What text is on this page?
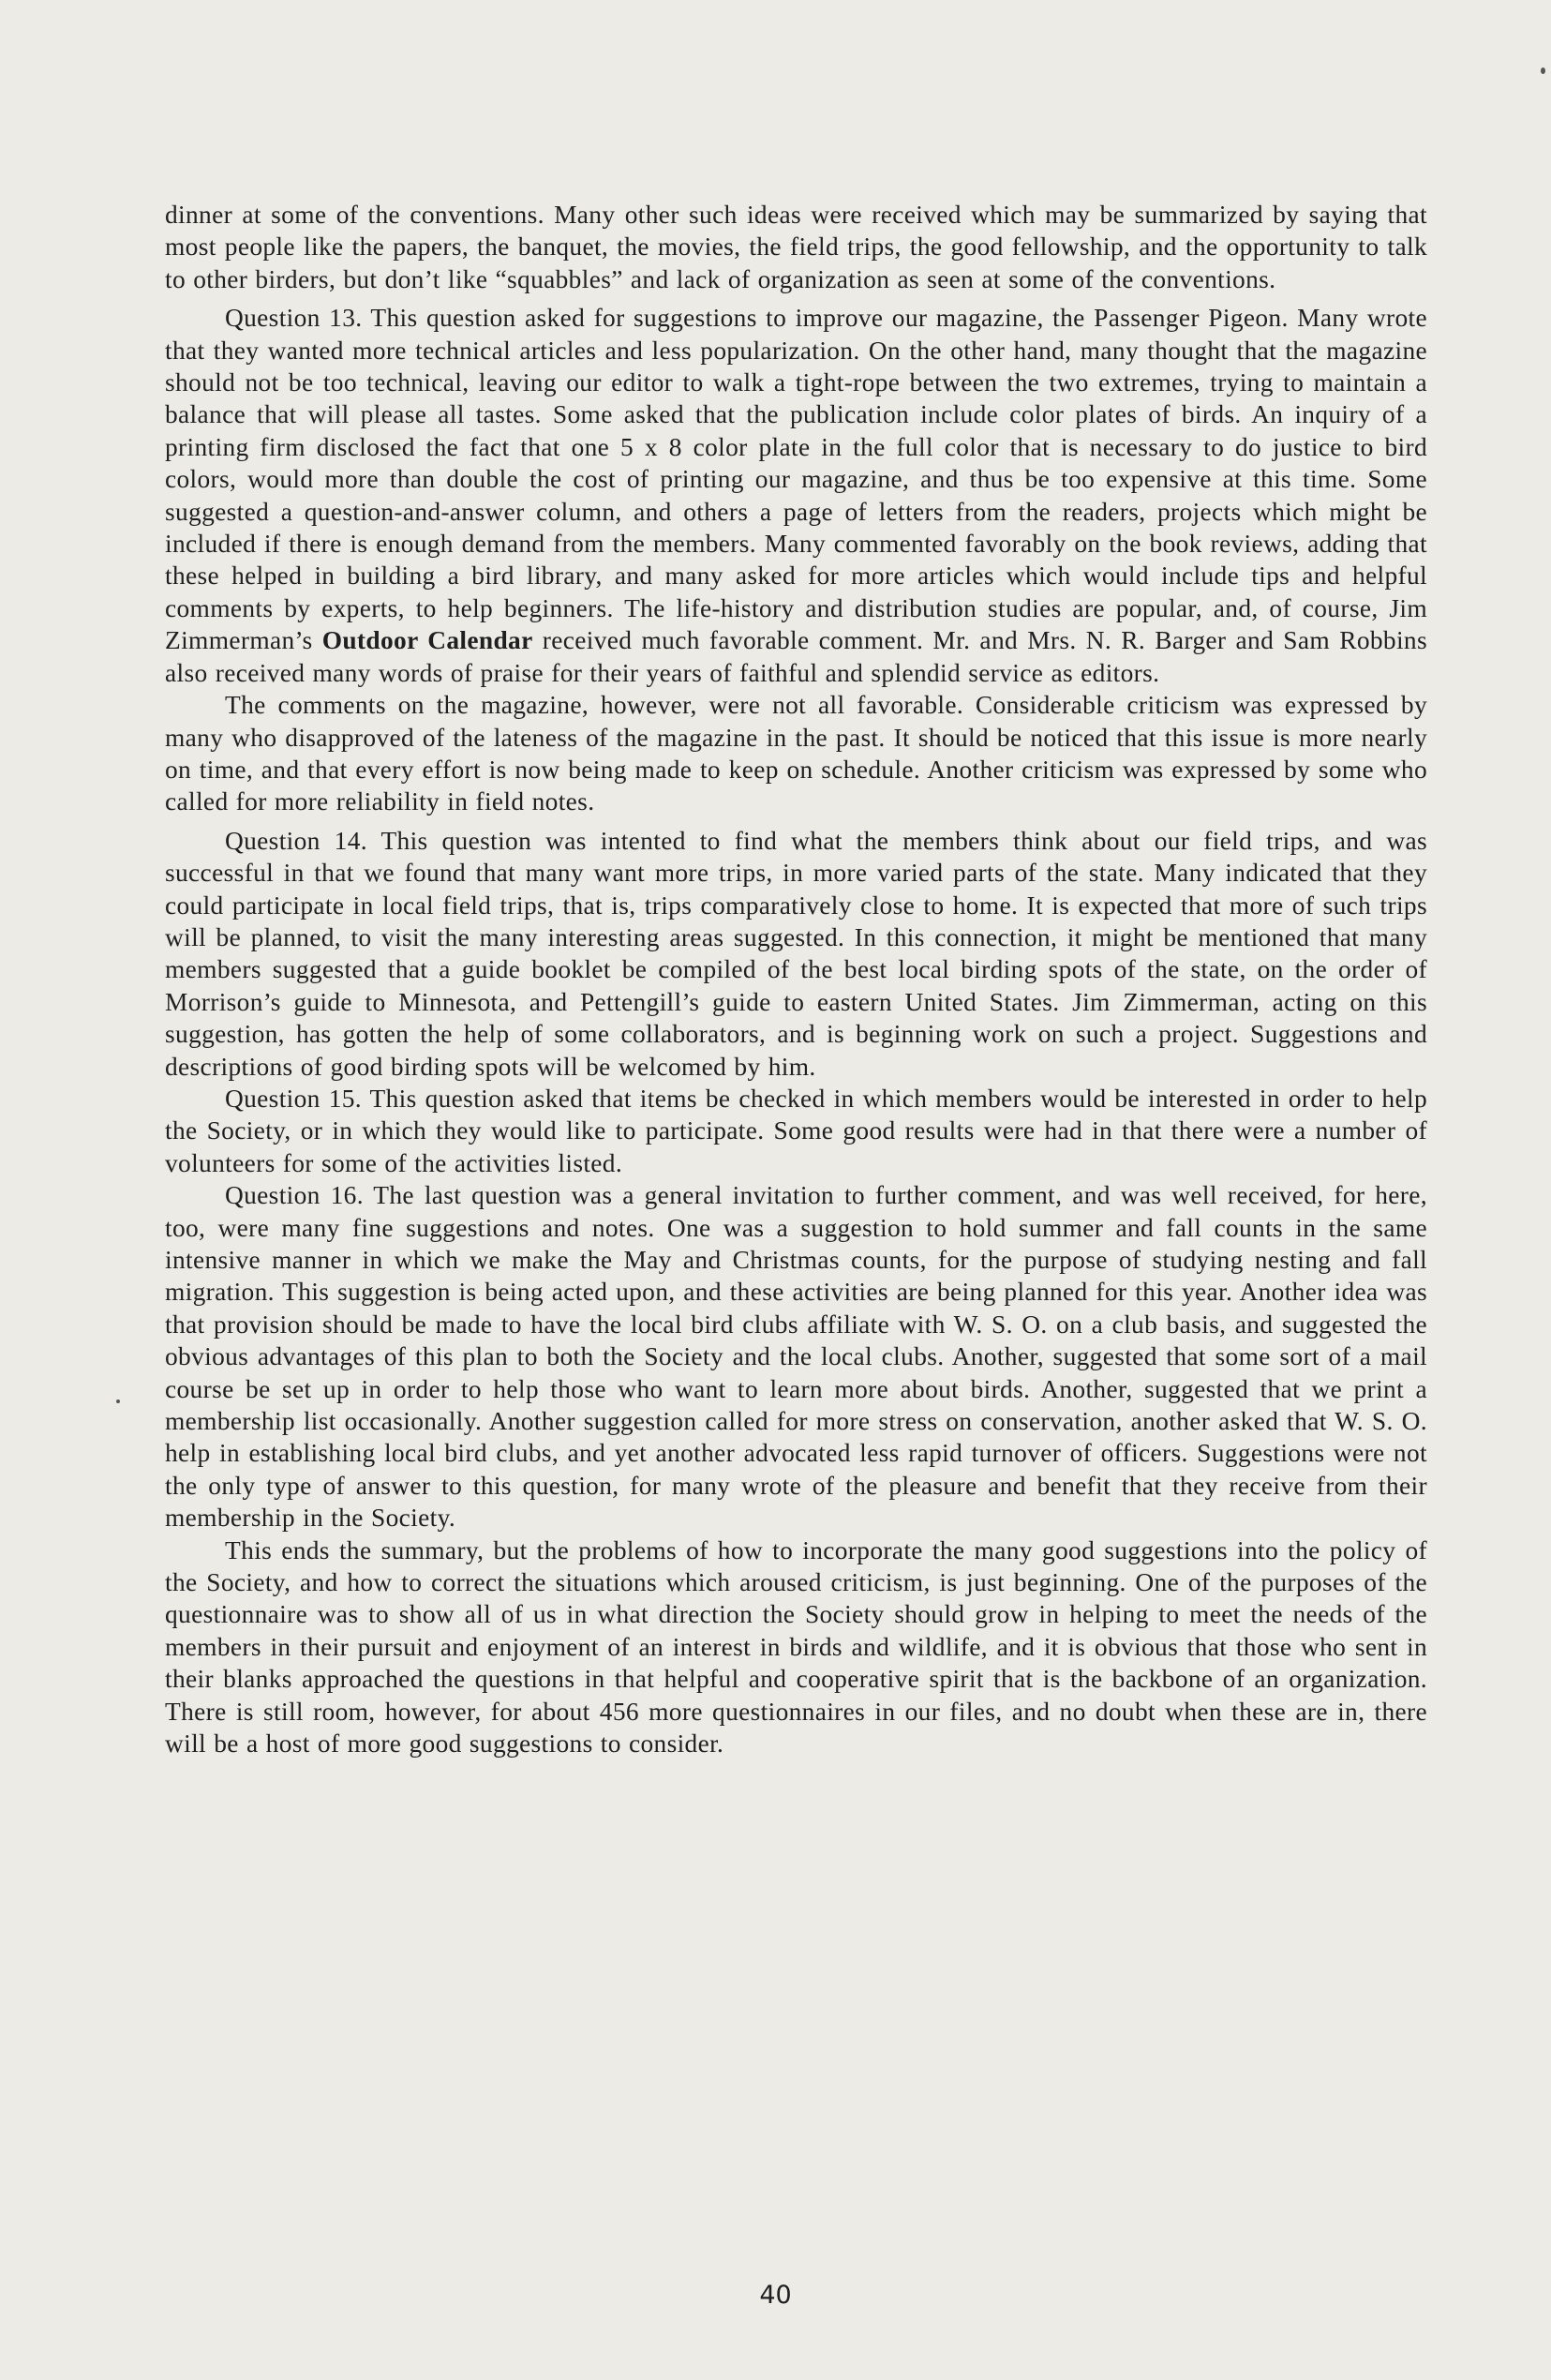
dinner at some of the conventions. Many other such ideas were received which may be summarized by saying that most people like the papers, the banquet, the movies, the field trips, the good fellowship, and the opportunity to talk to other birders, but don’t like “squabbles” and lack of organization as seen at some of the conventions.

Question 13. This question asked for suggestions to improve our magazine, the Passenger Pigeon. Many wrote that they wanted more technical articles and less popularization. On the other hand, many thought that the magazine should not be too technical, leaving our editor to walk a tight-rope between the two extremes, trying to maintain a balance that will please all tastes. Some asked that the publication include color plates of birds. An inquiry of a printing firm disclosed the fact that one 5 x 8 color plate in the full color that is necessary to do justice to bird colors, would more than double the cost of printing our magazine, and thus be too expensive at this time. Some suggested a question-and-answer column, and others a page of letters from the readers, projects which might be included if there is enough demand from the members. Many commented favorably on the book reviews, adding that these helped in building a bird library, and many asked for more articles which would include tips and helpful comments by experts, to help beginners. The life-history and distribution studies are popular, and, of course, Jim Zimmerman’s Outdoor Calendar received much favorable comment. Mr. and Mrs. N. R. Barger and Sam Robbins also received many words of praise for their years of faithful and splendid service as editors.

The comments on the magazine, however, were not all favorable. Considerable criticism was expressed by many who disapproved of the lateness of the magazine in the past. It should be noticed that this issue is more nearly on time, and that every effort is now being made to keep on schedule. Another criticism was expressed by some who called for more reliability in field notes.

Question 14. This question was intented to find what the members think about our field trips, and was successful in that we found that many want more trips, in more varied parts of the state. Many indicated that they could participate in local field trips, that is, trips comparatively close to home. It is expected that more of such trips will be planned, to visit the many interesting areas suggested. In this connection, it might be mentioned that many members suggested that a guide booklet be compiled of the best local birding spots of the state, on the order of Morrison’s guide to Minnesota, and Pettengill’s guide to eastern United States. Jim Zimmerman, acting on this suggestion, has gotten the help of some collaborators, and is beginning work on such a project. Suggestions and descriptions of good birding spots will be welcomed by him.

Question 15. This question asked that items be checked in which members would be interested in order to help the Society, or in which they would like to participate. Some good results were had in that there were a number of volunteers for some of the activities listed.

Question 16. The last question was a general invitation to further comment, and was well received, for here, too, were many fine suggestions and notes. One was a suggestion to hold summer and fall counts in the same intensive manner in which we make the May and Christmas counts, for the purpose of studying nesting and fall migration. This suggestion is being acted upon, and these activities are being planned for this year. Another idea was that provision should be made to have the local bird clubs affiliate with W. S. O. on a club basis, and suggested the obvious advantages of this plan to both the Society and the local clubs. Another, suggested that some sort of a mail course be set up in order to help those who want to learn more about birds. Another, suggested that we print a membership list occasionally. Another suggestion called for more stress on conservation, another asked that W. S. O. help in establishing local bird clubs, and yet another advocated less rapid turnover of officers. Suggestions were not the only type of answer to this question, for many wrote of the pleasure and benefit that they receive from their membership in the Society.

This ends the summary, but the problems of how to incorporate the many good suggestions into the policy of the Society, and how to correct the situations which aroused criticism, is just beginning. One of the purposes of the questionnaire was to show all of us in what direction the Society should grow in helping to meet the needs of the members in their pursuit and enjoyment of an interest in birds and wildlife, and it is obvious that those who sent in their blanks approached the questions in that helpful and cooperative spirit that is the backbone of an organization. There is still room, however, for about 456 more questionnaires in our files, and no doubt when these are in, there will be a host of more good suggestions to consider.

40
